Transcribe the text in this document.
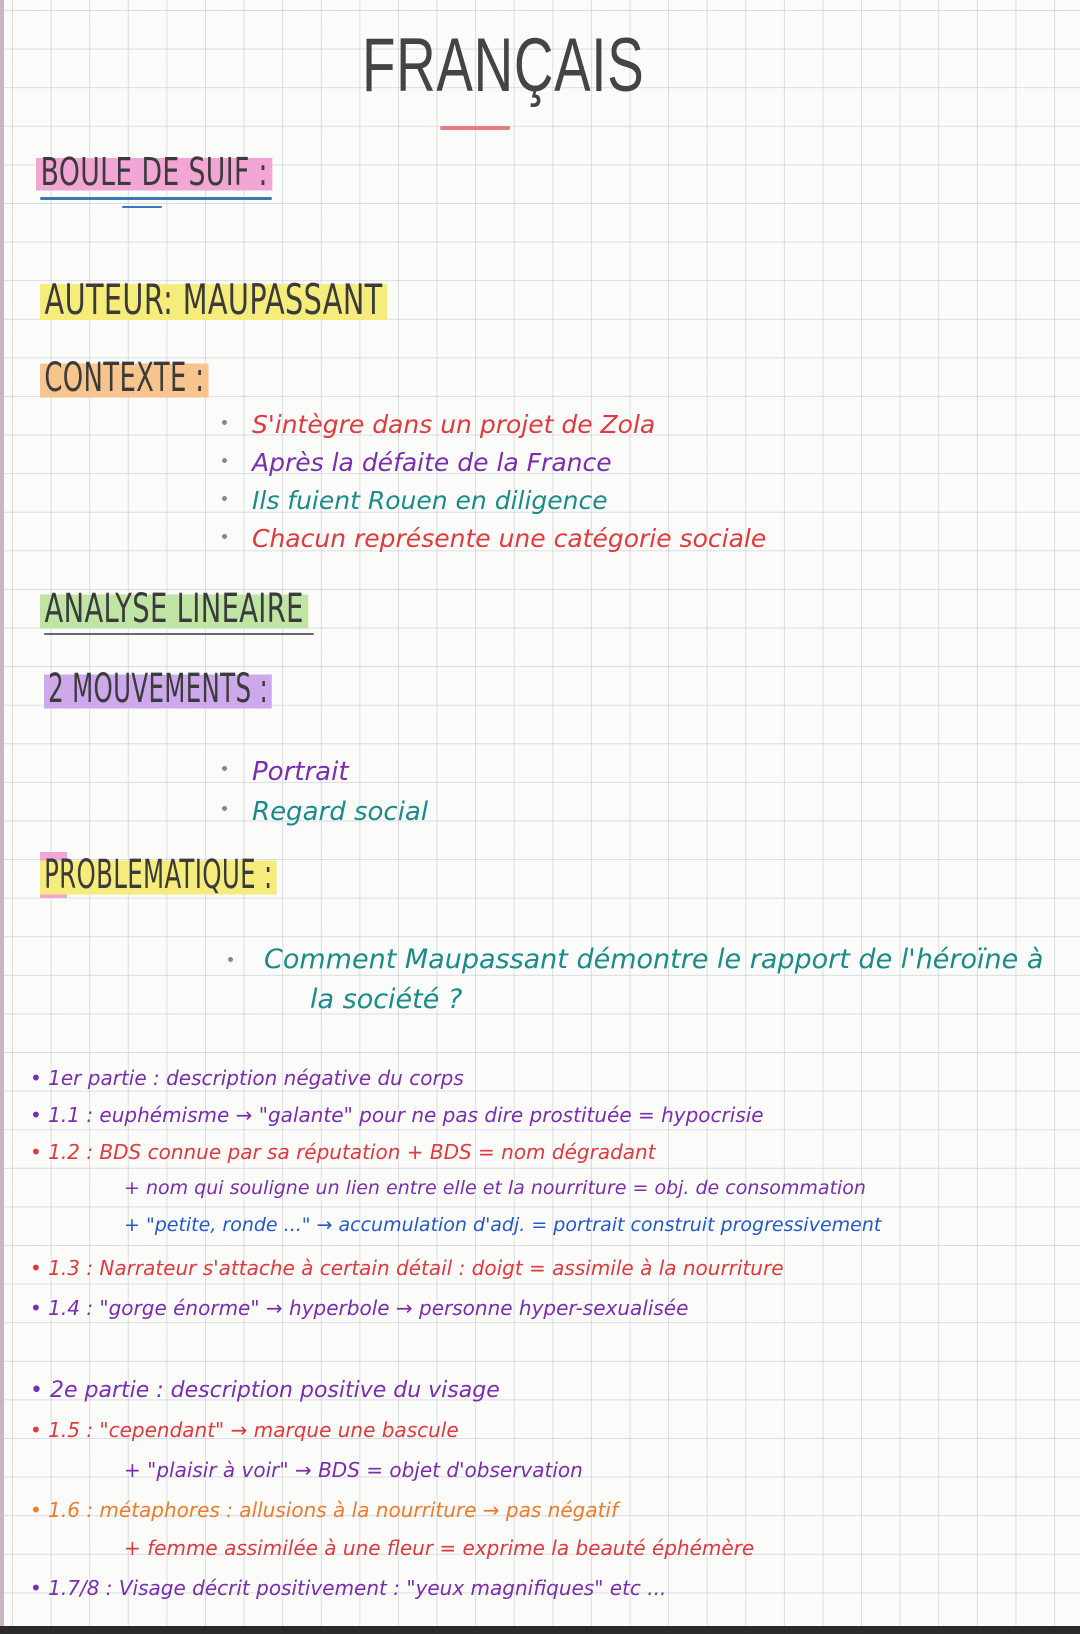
FRANÇAIS
BOULE DE SUIF :
AUTEUR: MAUPASSANT
CONTEXTE :
S'intègre dans un projet de Zola
Après la défaite de la France
Ils fuient Rouen en diligence
Chacun représente une catégorie sociale
ANALYSE LINEAIRE
2 MOUVEMENTS :
Portrait
Regard social
PROBLEMATIQUE :
Comment Maupassant démontre le rapport de l'héroïne à
la société ?
• 1er partie : description négative du corps
• 1.1 : euphémisme → "galante" pour ne pas dire prostituée = hypocrisie
• 1.2 : BDS connue par sa réputation + BDS = nom dégradant
+ nom qui souligne un lien entre elle et la nourriture = obj. de consommation
+ "petite, ronde ..." → accumulation d'adj. = portrait construit progressivement
• 1.3 : Narrateur s'attache à certain détail : doigt = assimile à la nourriture
• 1.4 : "gorge énorme" → hyperbole → personne hyper-sexualisée
• 2e partie : description positive du visage
• 1.5 : "cependant" → marque une bascule
+ "plaisir à voir" → BDS = objet d'observation
• 1.6 : métaphores : allusions à la nourriture → pas négatif
+ femme assimilée à une fleur = exprime la beauté éphémère
• 1.7/8 : Visage décrit positivement : "yeux magnifiques" etc ...
